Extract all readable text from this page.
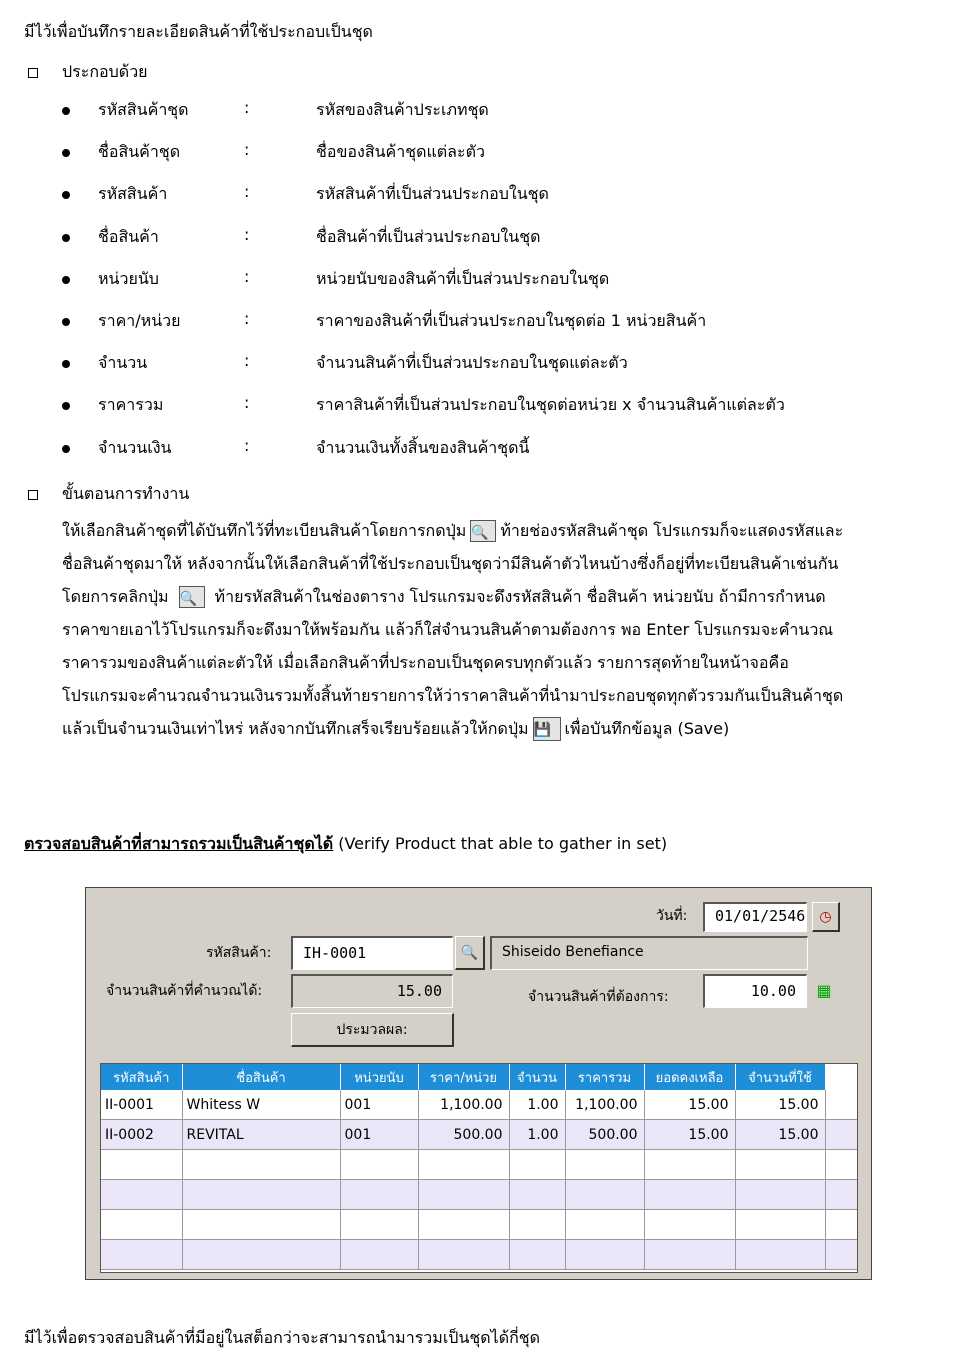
มีไว้เพื่อบันทึกรายละเอียดสินค้าที่ใช้ประกอบเป็นชุด
ประกอบด้วย
รหัสสินค้าชุด	:	รหัสของสินค้าประเภทชุด
ชื่อสินค้าชุด	:	ชื่อของสินค้าชุดแต่ละตัว
รหัสสินค้า	:	รหัสสินค้าที่เป็นส่วนประกอบในชุด
ชื่อสินค้า	:	ชื่อสินค้าที่เป็นส่วนประกอบในชุด
หน่วยนับ	:	หน่วยนับของสินค้าที่เป็นส่วนประกอบในชุด
ราคา/หน่วย	:	ราคาของสินค้าที่เป็นส่วนประกอบในชุดต่อ 1 หน่วยสินค้า
จำนวน	:	จำนวนสินค้าที่เป็นส่วนประกอบในชุดแต่ละตัว
ราคารวม	:	ราคาสินค้าที่เป็นส่วนประกอบในชุดต่อหน่วย x จำนวนสินค้าแต่ละตัว
จำนวนเงิน	:	จำนวนเงินทั้งสิ้นของสินค้าชุดนี้
ขั้นตอนการทำงาน
ให้เลือกสินค้าชุดที่ได้บันทึกไว้ที่ทะเบียนสินค้าโดยการกดปุ่ม 🔍 ท้ายช่องรหัสสินค้าชุด โปรแกรมก็จะแสดงรหัสและ
ชื่อสินค้าชุดมาให้ หลังจากนั้นให้เลือกสินค้าที่ใช้ประกอบเป็นชุดว่ามีสินค้าตัวไหนบ้างซึ่งก็อยู่ที่ทะเบียนสินค้าเช่นกัน
โดยการคลิกปุ่ม 🔍	ท้ายรหัสสินค้าในช่องตาราง โปรแกรมจะดึงรหัสสินค้า ชื่อสินค้า หน่วยนับ ถ้ามีการกำหนด
ราคาขายเอาไว้โปรแกรมก็จะดึงมาให้พร้อมกัน แล้วก็ใส่จำนวนสินค้าตามต้องการ พอ Enter โปรแกรมจะคำนวณ
ราคารวมของสินค้าแต่ละตัวให้ เมื่อเลือกสินค้าที่ประกอบเป็นชุดครบทุกตัวแล้ว รายการสุดท้ายในหน้าจอคือ
โปรแกรมจะคำนวณจำนวนเงินรวมทั้งสิ้นท้ายรายการให้ว่าราคาสินค้าที่นำมาประกอบชุดทุกตัวรวมกันเป็นสินค้าชุด
แล้วเป็นจำนวนเงินเท่าไหร่ หลังจากบันทึกเสร็จเรียบร้อยแล้วให้กดปุ่ม 💾 เพื่อบันทึกข้อมูล (Save)
ตรวจสอบสินค้าที่สามารถรวมเป็นสินค้าชุดได้ (Verify Product that able to gather in set)
วันที่:	01/01/2546	◷
รหัสสินค้า:	IH-0001	🔍	Shiseido Benefiance
จำนวนสินค้าที่คำนวณได้:	15.00	จำนวนสินค้าที่ต้องการ:	10.00	▦
ประมวลผล:
รหัสสินค้า	ชื่อสินค้า	หน่วยนับ	ราคา/หน่วย	จำนวน	ราคารวม	ยอดคงเหลือ	จำนวนที่ใช้	
II-0001	Whitess W	001	1,100.00	1.00	1,100.00	15.00	15.00	
II-0002	REVITAL	001	500.00	1.00	500.00	15.00	15.00	

มีไว้เพื่อตรวจสอบสินค้าที่มีอยู่ในสต็อกว่าจะสามารถนำมารวมเป็นชุดได้กี่ชุด
